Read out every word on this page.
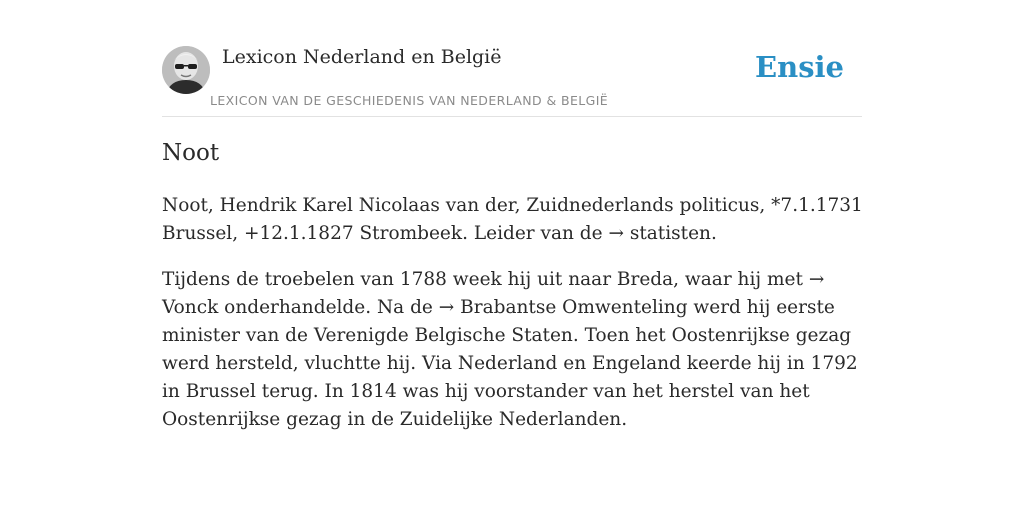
Lexicon Nederland en België
LEXICON VAN DE GESCHIEDENIS VAN NEDERLAND & BELGIË
Ensie
Noot

Noot, Hendrik Karel Nicolaas van der, Zuidnederlands politicus, *7.1.1731 Brussel, +12.1.1827 Strombeek. Leider van de → statisten.

Tijdens de troebelen van 1788 week hij uit naar Breda, waar hij met → Vonck onderhandelde. Na de → Brabantse Omwenteling werd hij eerste minister van de Verenigde Belgische Staten. Toen het Oostenrijkse gezag werd hersteld, vluchtte hij. Via Nederland en Engeland keerde hij in 1792 in Brussel terug. In 1814 was hij voorstander van het herstel van het Oostenrijkse gezag in de Zuidelijke Nederlanden.
